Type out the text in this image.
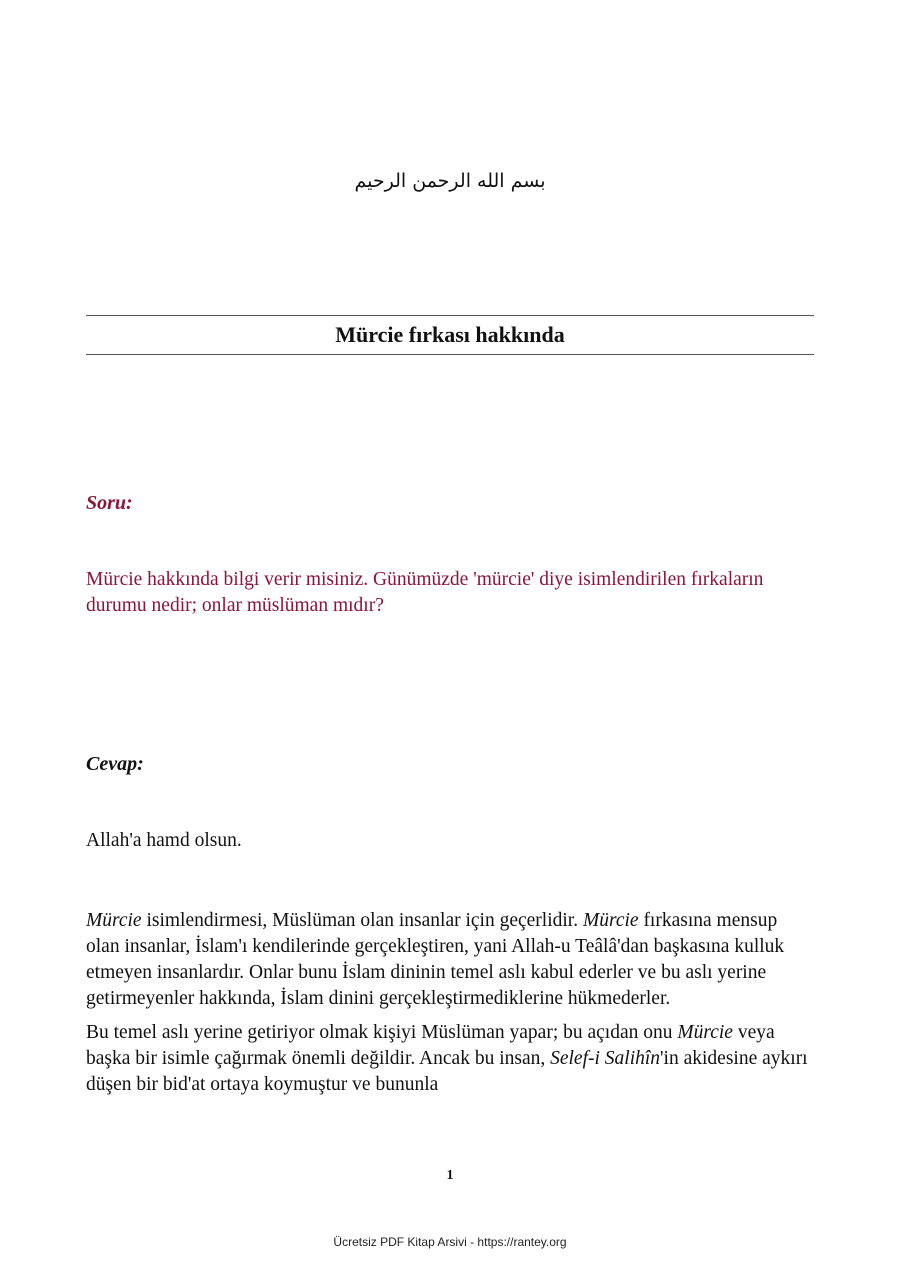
بسم الله الرحمن الرحيم
Mürcie fırkası hakkında

Soru:

Mürcie hakkında bilgi verir misiniz. Günümüzde 'mürcie' diye isimlendirilen fırkaların durumu nedir; onlar müslüman mıdır?

Cevap:

Allah'a hamd olsun.

Mürcie isimlendirmesi, Müslüman olan insanlar için geçerlidir. Mürcie fırkasına mensup olan insanlar, İslam'ı kendilerinde gerçekleştiren, yani Allah-u Teâlâ'dan başkasına kulluk etmeyen insanlardır. Onlar bunu İslam dininin temel aslı kabul ederler ve bu aslı yerine getirmeyenler hakkında, İslam dinini gerçekleştirmediklerine hükmederler.

Bu temel aslı yerine getiriyor olmak kişiyi Müslüman yapar; bu açıdan onu Mürcie veya başka bir isimle çağırmak önemli değildir. Ancak bu insan, Selef-i Salihîn'in akidesine aykırı düşen bir bid'at ortaya koymuştur ve bununla

1
Ücretsiz PDF Kitap Arsivi - https://rantey.org
